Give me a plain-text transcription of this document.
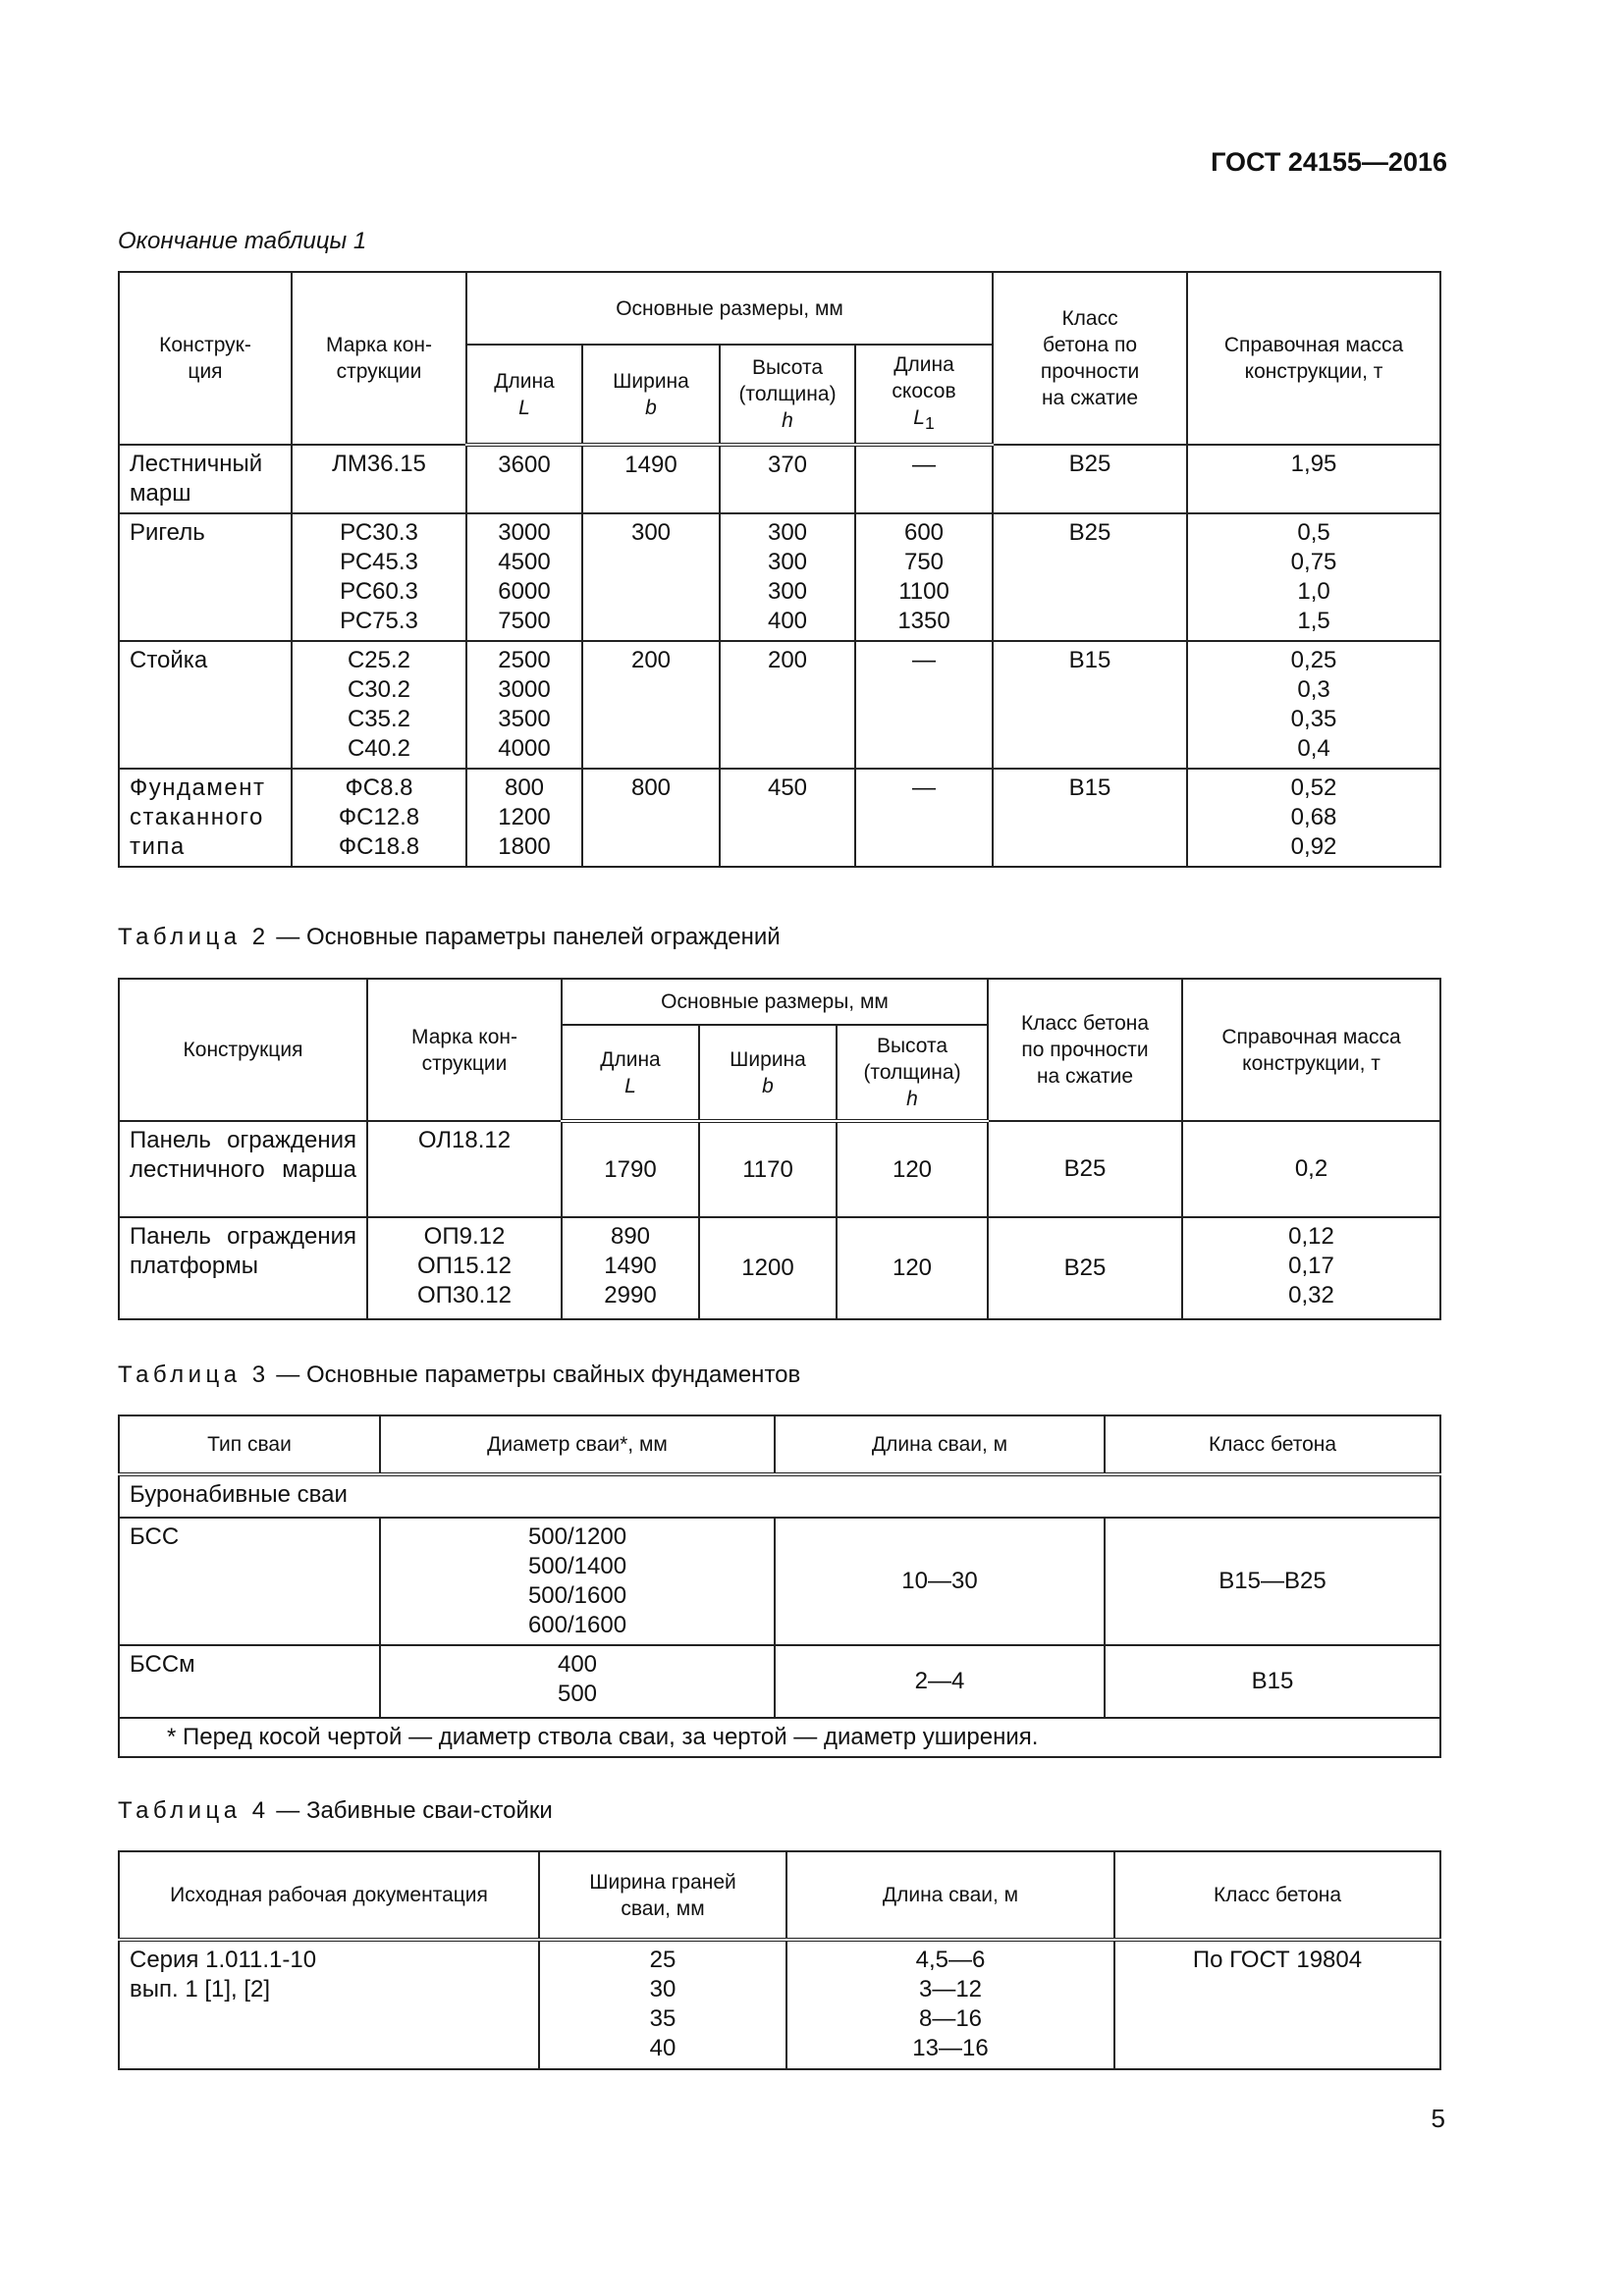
ГОСТ 24155—2016
Окончание таблицы 1
Конструк-
ция	Марка кон-
струкции	Основные размеры, мм				Класс
бетона по
прочности
на сжатие	Справочная масса
конструкции, т

		Длина
L	Ширина
b	Высота
(толщина)
h	Длина
скосов
$L_1$

Лестничный
марш	ЛМ36.15	3600	1490	370	—	В25	1,95

Ригель	РС30.3
РС45.3
РС60.3
РС75.3	3000
4500
6000
7500	300	300
300
300
400	600
750
1100
1350	В25	0,5
0,75
1,0
1,5

Стойка	С25.2
С30.2
С35.2
С40.2	2500
3000
3500
4000	200	200	—	В15	0,25
0,3
0,35
0,4

Фундамент
стаканного
типа	ФС8.8
ФС12.8
ФС18.8	800
1200
1800	800	450	—	В15	0,52
0,68
0,92
Таблица 2 — Основные параметры панелей ограждений
Конструкция	Марка кон-
струкции	Основные размеры, мм			Класс бетона
по прочности
на сжатие	Справочная масса
конструкции, т

		Длина
L	Ширина
b	Высота
(толщина)
h		
Панель ограждения лестничного марша	ОЛ18.12	1790	1170	120	В25	0,2

Панель ограждения платформы	ОП9.12
ОП15.12
ОП30.12	890
1490
2990	1200	120	В25	0,12
0,17
0,32
Таблица 3 — Основные параметры свайных фундаментов
Тип сваи	Диаметр сваи*, мм	Длина сваи, м	Класс бетона
Буронабивные сваи			

БСС	500/1200
500/1400
500/1600
600/1600	10—30	В15—В25

БССм	400
500	2—4	В15

* Перед косой чертой — диаметр ствола сваи, за чертой — диаметр уширения.			
Таблица 4 — Забивные сваи-стойки
Исходная рабочая документация	Ширина граней
сваи, мм	Длина сваи, м	Класс бетона

Серия 1.011.1-10
вып. 1 [1], [2]	25
30
35
40	4,5—6
3—12
8—16
13—16	По ГОСТ 19804
5
